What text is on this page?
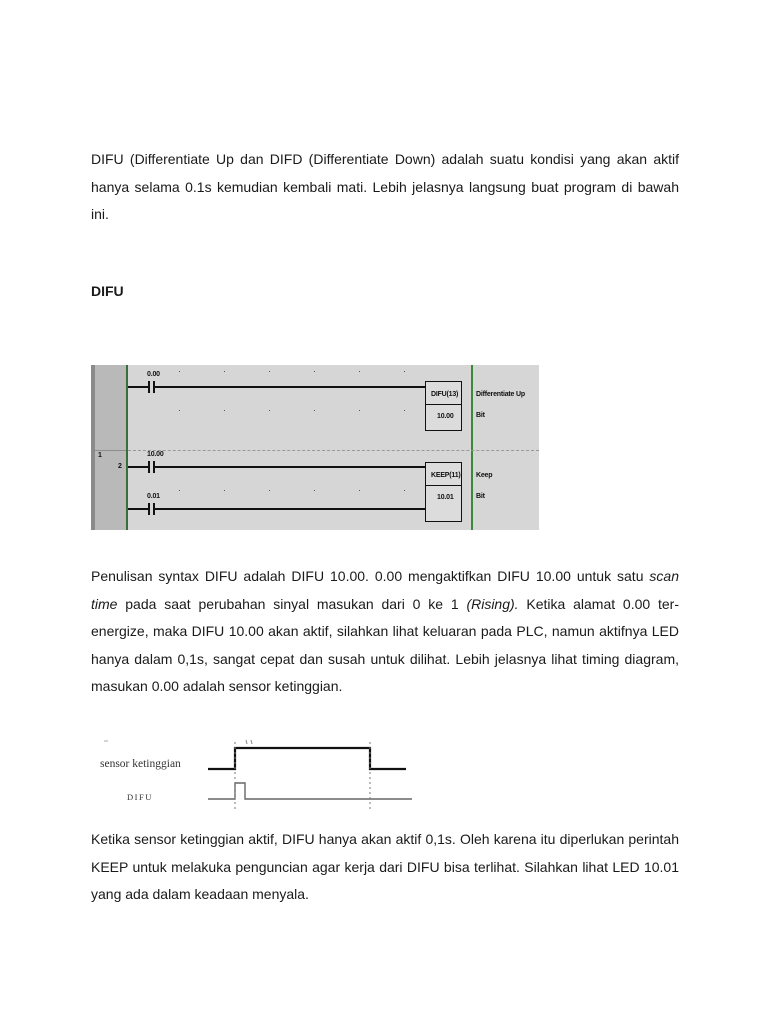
DIFU (Differentiate Up dan DIFD (Differentiate Down) adalah suatu kondisi yang akan aktif hanya selama 0.1s kemudian kembali mati. Lebih jelasnya langsung buat program di bawah ini.

DIFU

0.00
DIFU(13)
10.00
Differentiate Up
Bit
1
2
10.00
0.01
KEEP(11)
10.01
Keep
Bit

Penulisan syntax DIFU adalah DIFU 10.00. 0.00 mengaktifkan DIFU 10.00 untuk satu scan time pada saat perubahan sinyal masukan dari 0 ke 1 (Rising). Ketika alamat 0.00 ter-energize, maka DIFU 10.00 akan aktif, silahkan lihat keluaran pada PLC, namun aktifnya LED hanya dalam 0,1s, sangat cepat dan susah untuk dilihat. Lebih jelasnya lihat timing diagram, masukan 0.00 adalah sensor ketinggian.

sensor ketinggian
DIFU

Ketika sensor ketinggian aktif, DIFU hanya akan aktif 0,1s. Oleh karena itu diperlukan perintah KEEP untuk melakuka penguncian agar kerja dari DIFU bisa terlihat. Silahkan lihat LED 10.01 yang ada dalam keadaan menyala.
